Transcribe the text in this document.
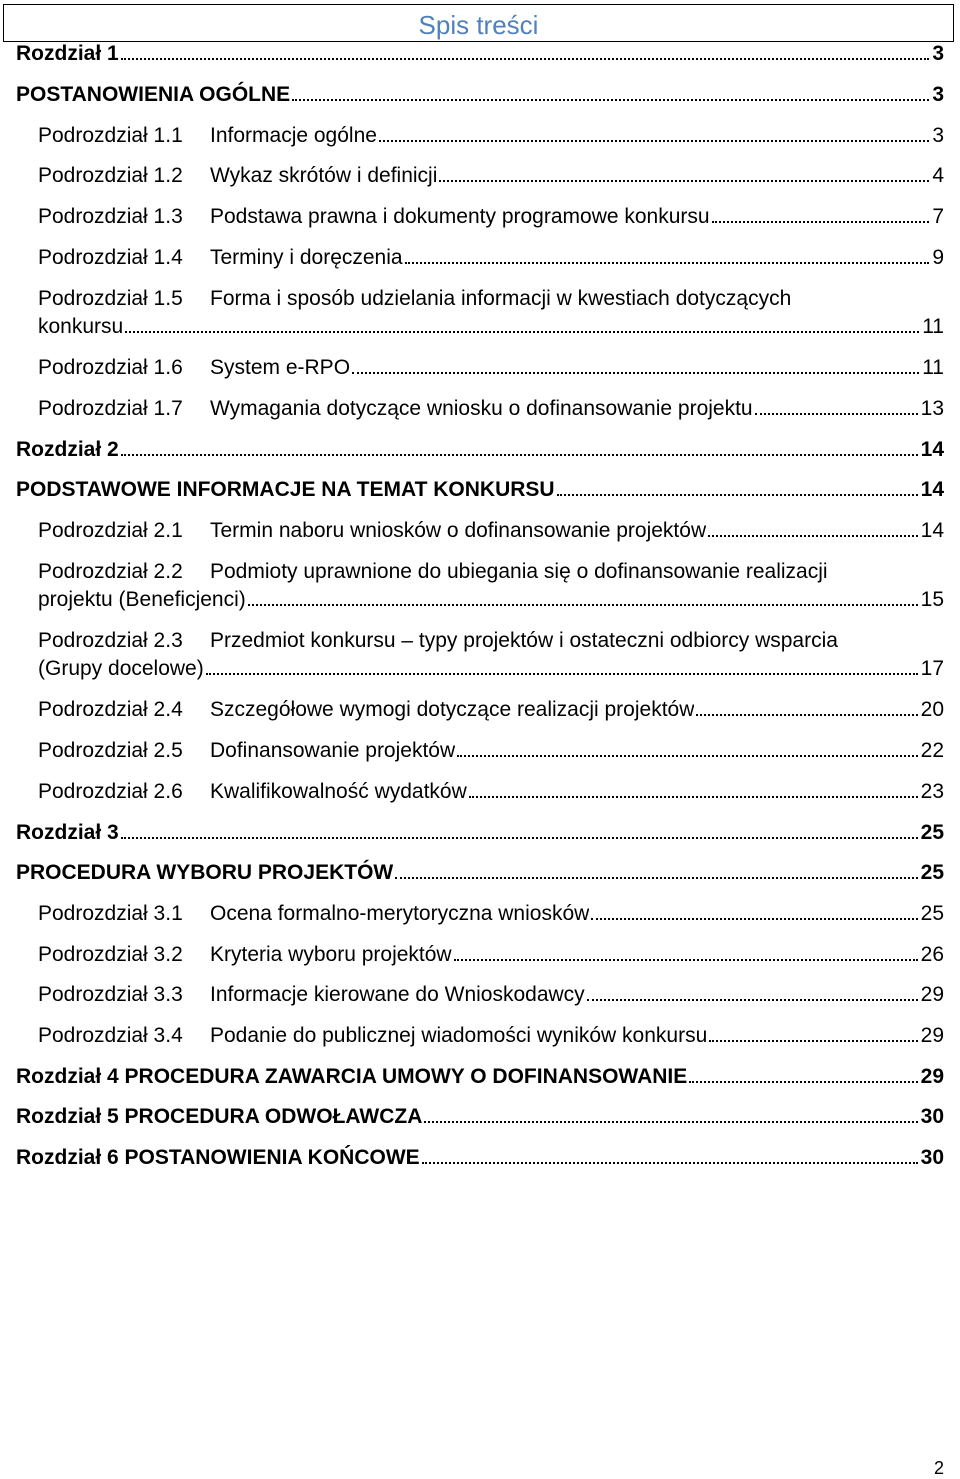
Spis treści
Rozdział 1	3
POSTANOWIENIA OGÓLNE	3
Podrozdział 1.1 Informacje ogólne	3
Podrozdział 1.2 Wykaz skrótów i definicji	4
Podrozdział 1.3 Podstawa prawna i dokumenty programowe konkursu	7
Podrozdział 1.4 Terminy i doręczenia	9
Podrozdział 1.5 Forma i sposób udzielania informacji w kwestiach dotyczących
konkursu	11
Podrozdział 1.6 System e-RPO	11
Podrozdział 1.7 Wymagania dotyczące wniosku o dofinansowanie projektu	13
Rozdział 2	14
PODSTAWOWE INFORMACJE NA TEMAT KONKURSU	14
Podrozdział 2.1 Termin naboru wniosków o dofinansowanie projektów	14
Podrozdział 2.2 Podmioty uprawnione do ubiegania się o dofinansowanie realizacji
projektu (Beneficjenci)	15
Podrozdział 2.3 Przedmiot konkursu – typy projektów i ostateczni odbiorcy wsparcia
(Grupy docelowe)	17
Podrozdział 2.4 Szczegółowe wymogi dotyczące realizacji projektów	20
Podrozdział 2.5 Dofinansowanie projektów	22
Podrozdział 2.6 Kwalifikowalność wydatków	23
Rozdział 3	25
PROCEDURA WYBORU PROJEKTÓW	25
Podrozdział 3.1 Ocena formalno-merytoryczna wniosków	25
Podrozdział 3.2 Kryteria wyboru projektów	26
Podrozdział 3.3 Informacje kierowane do Wnioskodawcy	29
Podrozdział 3.4 Podanie do publicznej wiadomości wyników konkursu	29
Rozdział 4 PROCEDURA ZAWARCIA UMOWY O DOFINANSOWANIE	29
Rozdział 5 PROCEDURA ODWOŁAWCZA	30
Rozdział 6 POSTANOWIENIA KOŃCOWE	30
2
